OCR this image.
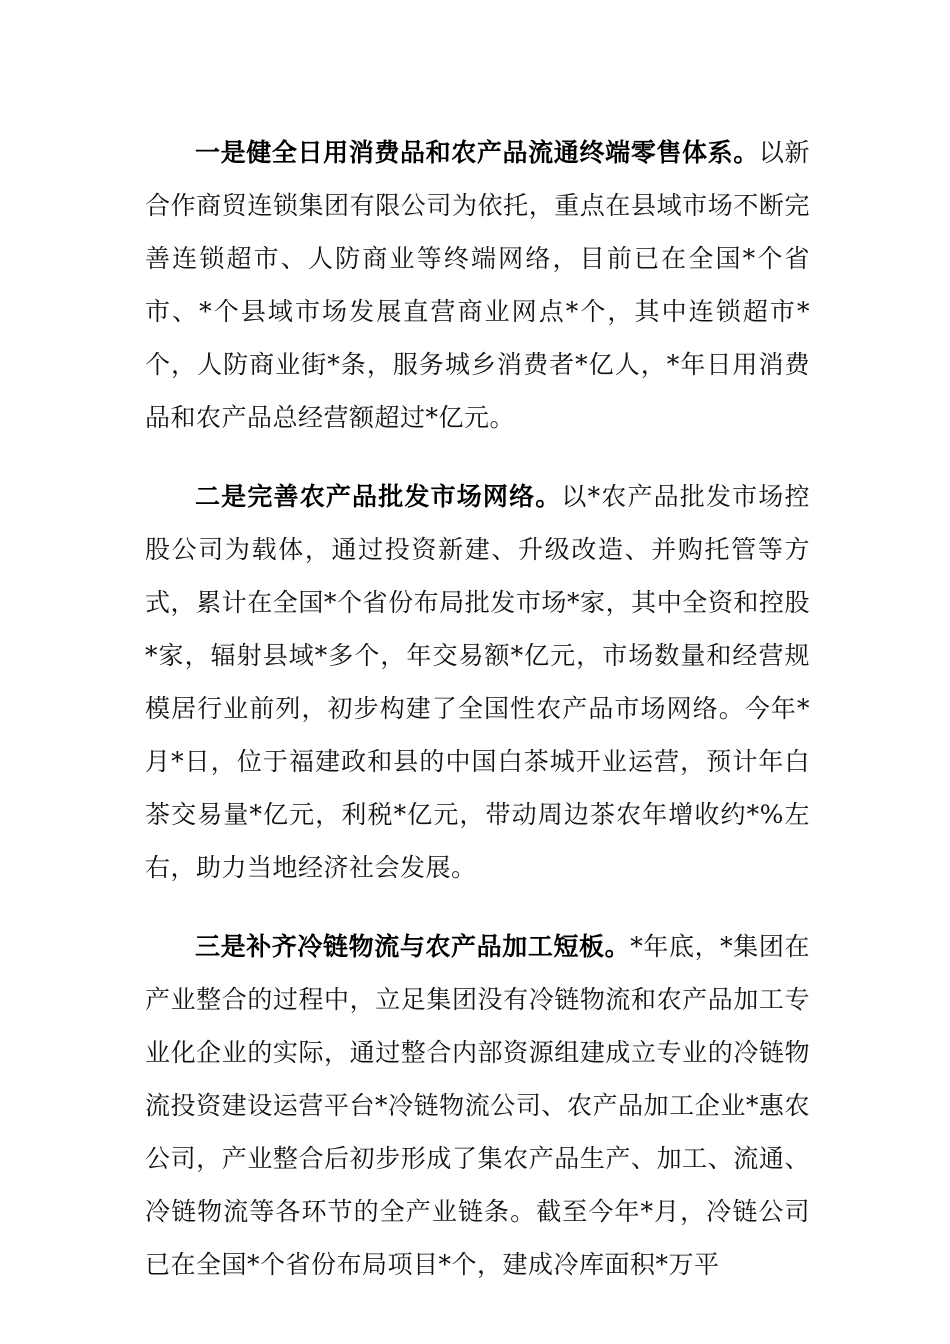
一是健全日用消费品和农产品流通终端零售体系。以新合作商贸连锁集团有限公司为依托，重点在县域市场不断完善连锁超市、人防商业等终端网络，目前已在全国*个省市、*个县域市场发展直营商业网点*个，其中连锁超市*个，人防商业街*条，服务城乡消费者*亿人，*年日用消费品和农产品总经营额超过*亿元。

二是完善农产品批发市场网络。以*农产品批发市场控股公司为载体，通过投资新建、升级改造、并购托管等方式，累计在全国*个省份布局批发市场*家，其中全资和控股*家，辐射县域*多个，年交易额*亿元，市场数量和经营规模居行业前列，初步构建了全国性农产品市场网络。今年*月*日，位于福建政和县的中国白茶城开业运营，预计年白茶交易量*亿元，利税*亿元，带动周边茶农年增收约*%左右，助力当地经济社会发展。

三是补齐冷链物流与农产品加工短板。*年底，*集团在产业整合的过程中，立足集团没有冷链物流和农产品加工专业化企业的实际，通过整合内部资源组建成立专业的冷链物流投资建设运营平台*冷链物流公司、农产品加工企业*惠农公司，产业整合后初步形成了集农产品生产、加工、流通、冷链物流等各环节的全产业链条。截至今年*月，冷链公司已在全国*个省份布局项目*个，建成冷库面积*万平
